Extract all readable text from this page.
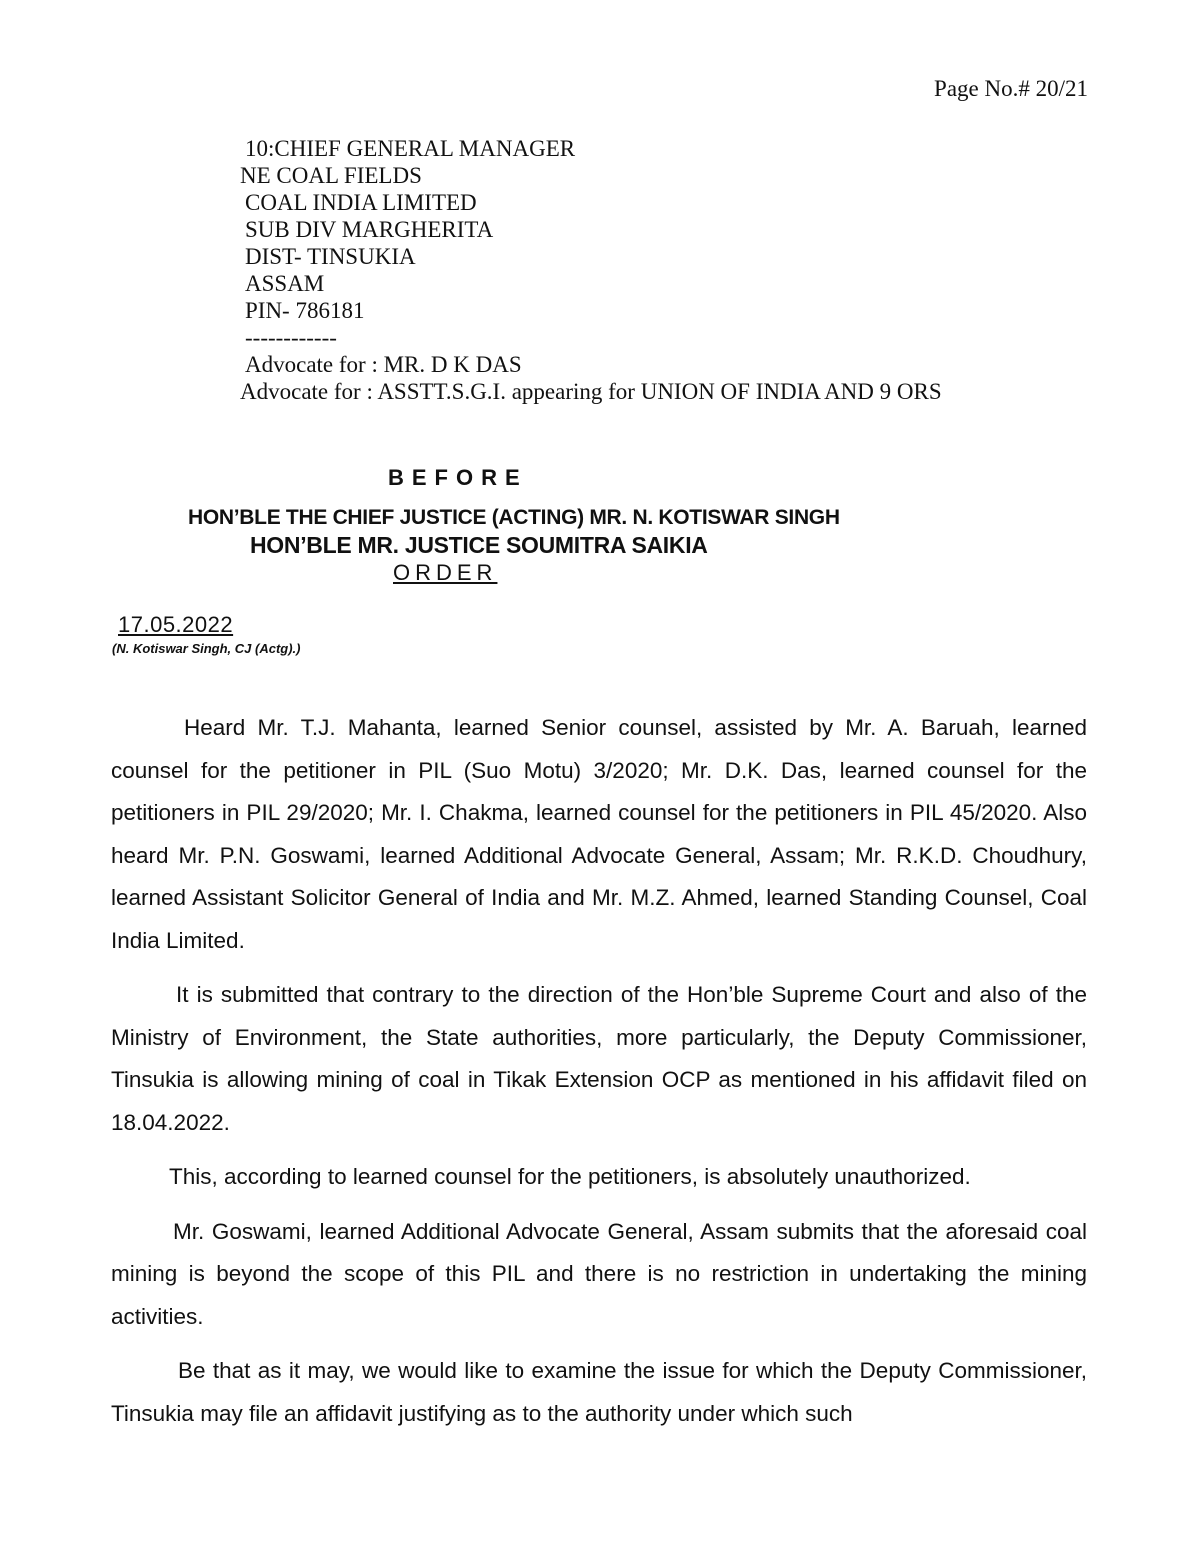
Page No.# 20/21
10:CHIEF GENERAL MANAGER
NE COAL FIELDS
COAL INDIA LIMITED
SUB DIV MARGHERITA
DIST- TINSUKIA
ASSAM
PIN- 786181
------------
Advocate for : MR. D K DAS
Advocate for : ASSTT.S.G.I. appearing for UNION OF INDIA AND 9 ORS
BEFORE
HON’BLE THE CHIEF JUSTICE (ACTING) MR. N. KOTISWAR SINGH
HON’BLE MR. JUSTICE SOUMITRA SAIKIA
ORDER
17.05.2022
(N. Kotiswar Singh, CJ (Actg).)

Heard Mr. T.J. Mahanta, learned Senior counsel, assisted by Mr. A. Baruah, learned counsel for the petitioner in PIL (Suo Motu) 3/2020; Mr. D.K. Das, learned counsel for the petitioners in PIL 29/2020; Mr. I. Chakma, learned counsel for the petitioners in PIL 45/2020. Also heard Mr. P.N. Goswami, learned Additional Advocate General, Assam; Mr. R.K.D. Choudhury, learned Assistant Solicitor General of India and Mr. M.Z. Ahmed, learned Standing Counsel, Coal India Limited.

It is submitted that contrary to the direction of the Hon’ble Supreme Court and also of the Ministry of Environment, the State authorities, more particularly, the Deputy Commissioner, Tinsukia is allowing mining of coal in Tikak Extension OCP as mentioned in his affidavit filed on 18.04.2022.

This, according to learned counsel for the petitioners, is absolutely unauthorized.

Mr. Goswami, learned Additional Advocate General, Assam submits that the aforesaid coal mining is beyond the scope of this PIL and there is no restriction in undertaking the mining activities.

Be that as it may, we would like to examine the issue for which the Deputy Commissioner, Tinsukia may file an affidavit justifying as to the authority under which such
